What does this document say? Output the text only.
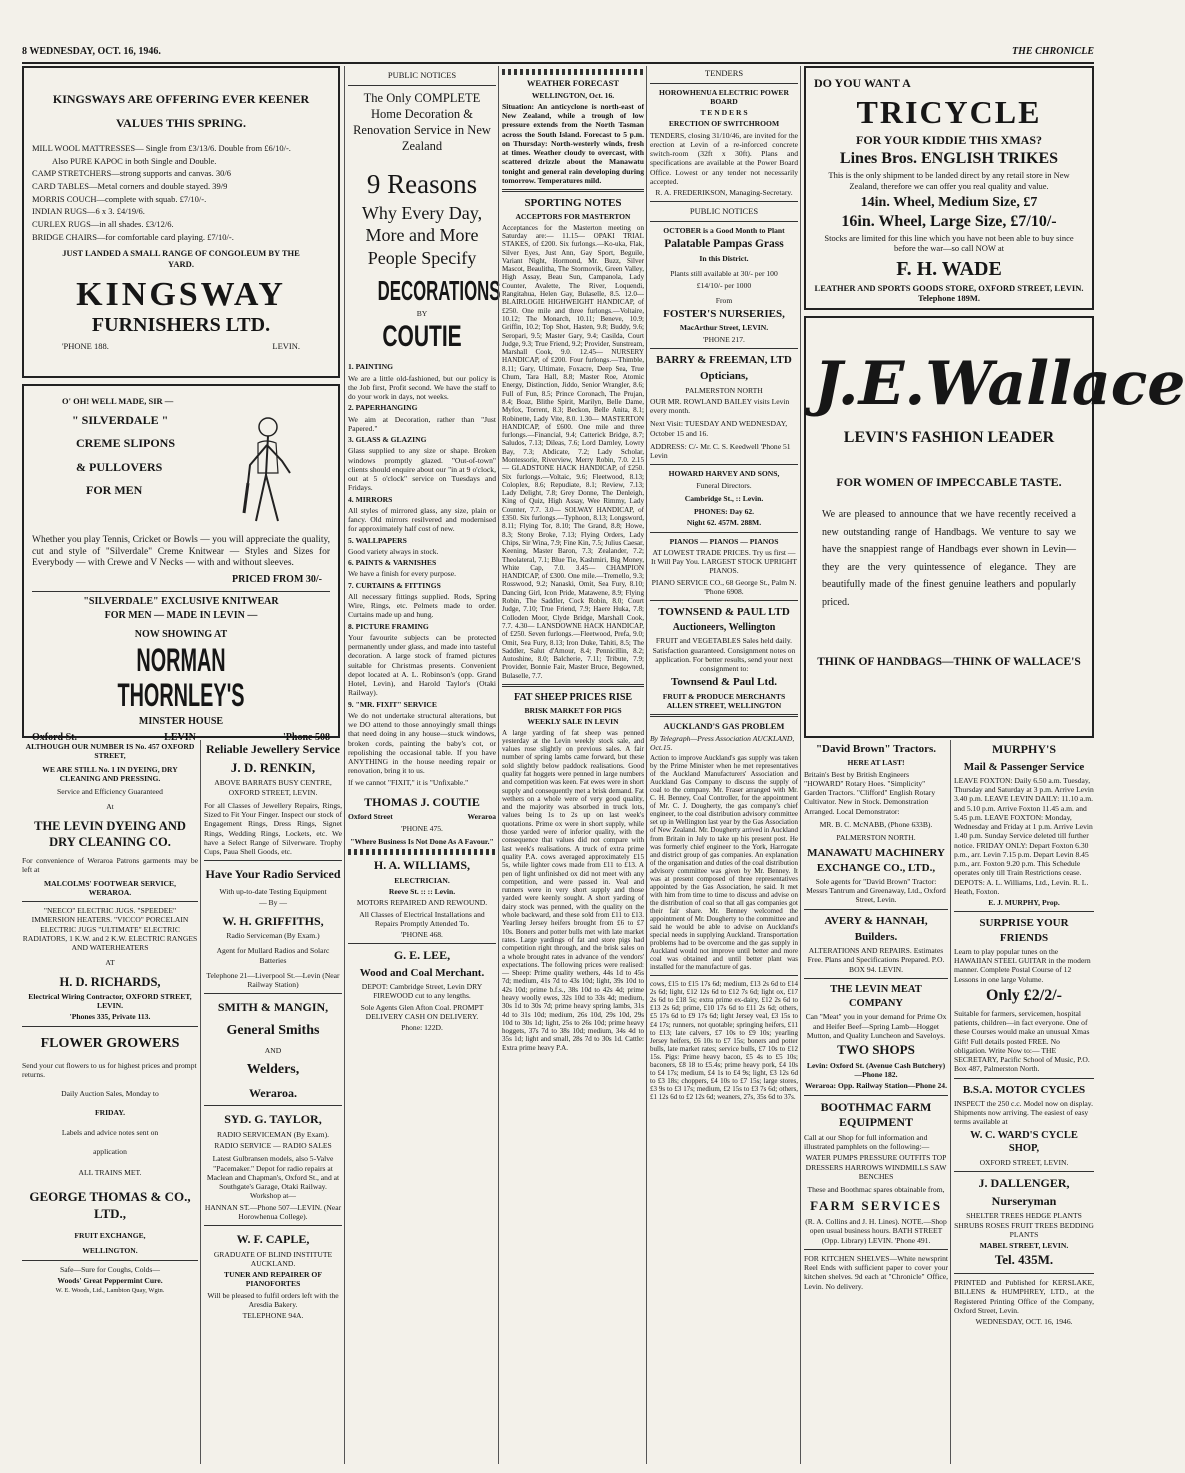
8 WEDNESDAY, OCT. 16, 1946.	THE CHRONICLE
KINGSWAYS ARE OFFERING EVER KEENER
VALUES THIS SPRING.

MILL WOOL MATTRESSES— Single from £3/13/6. Double from £6/10/-.

Also PURE KAPOC in both Single and Double.

CAMP STRETCHERS—strong supports and canvas. 30/6

CARD TABLES—Metal corners and double stayed. 39/9

MORRIS COUCH—complete with squab. £7/10/-.

INDIAN RUGS—6 x 3. £4/19/6.

CURLEX RUGS—in all shades. £3/12/6.

BRIDGE CHAIRS—for comfortable card playing. £7/10/-.

JUST LANDED A SMALL RANGE OF CONGOLEUM BY THE YARD.
KINGSWAY
FURNISHERS LTD.
'PHONE 188.	LEVIN.
O' OH! WELL MADE, SIR —
" SILVERDALE "
CREME SLIPONS
& PULLOVERS
FOR MEN

Whether you play Tennis, Cricket or Bowls — you will appreciate the quality, cut and style of "Silverdale" Creme Knitwear — Styles and Sizes for Everybody — with Crewe and V Necks — with and without sleeves.

PRICED FROM 30/-

"SILVERDALE" EXCLUSIVE KNITWEAR

FOR MEN — MADE IN LEVIN —

NOW SHOWING AT

NORMAN THORNLEY'S

MINSTER HOUSE

Oxford St.	LEVIN	'Phone 508

ALTHOUGH OUR NUMBER IS No. 457 OXFORD STREET,

WE ARE STILL No. 1 IN DYEING, DRY CLEANING AND PRESSING.

Service and Efficiency Guaranteed

At

THE LEVIN DYEING AND DRY CLEANING CO.

For convenience of Weraroa Patrons garments may be left at

MALCOLMS' FOOTWEAR SERVICE, WERAROA.

"NEECO" ELECTRIC JUGS. "SPEEDEE" IMMERSION HEATERS. "VICCO" PORCELAIN ELECTRIC JUGS "ULTIMATE" ELECTRIC RADIATORS, 1 K.W. and 2 K.W. ELECTRIC RANGES AND WATERHEATERS

AT

H. D. RICHARDS,

Electrical Wiring Contractor, OXFORD STREET, LEVIN.

'Phones 335, Private 113.

FLOWER GROWERS

Send your cut flowers to us for highest prices and prompt returns.

Daily Auction Sales, Monday to

FRIDAY.

Labels and advice notes sent on

application

ALL TRAINS MET.

GEORGE THOMAS & CO., LTD.,

FRUIT EXCHANGE,

WELLINGTON.

Safe—Sure for Coughs, Colds—

Woods' Great Peppermint Cure.

W. E. Woods, Ltd., Lambton Quay, Wgtn.

Reliable Jewellery Service

J. D. RENKIN,

ABOVE BARRATS BUSY CENTRE, OXFORD STREET, LEVIN.

For all Classes of Jewellery Repairs, Rings, Sized to Fit Your Finger. Inspect our stock of Engagement Rings, Dress Rings, Signet Rings, Wedding Rings, Lockets, etc. We have a Select Range of Silverware. Trophy Cups, Paua Shell Goods, etc.

Have Your Radio Serviced

With up-to-date Testing Equipment

— By —

W. H. GRIFFITHS,

Radio Serviceman (By Exam.)

Agent for Mullard Radios and Solarc Batteries

Telephone 21—Liverpool St.—Levin (Near Railway Station)

SMITH & MANGIN,

General Smiths

AND

Welders,

Weraroa.

SYD. G. TAYLOR,

RADIO SERVICEMAN (By Exam).

RADIO SERVICE — RADIO SALES

Latest Gulbransen models, also 5-Valve "Pacemaker." Depot for radio repairs at Maclean and Chapman's, Oxford St., and at Southgate's Garage, Otaki Railway. Workshop at—

HANNAN ST.—Phone 507—LEVIN. (Near Horowhenua College).

W. F. CAPLE,

GRADUATE OF BLIND INSTITUTE AUCKLAND.

TUNER AND REPAIRER OF PIANOFORTES

Will be pleased to fulfil orders left with the Aresdia Bakery.

TELEPHONE 94A.

PUBLIC NOTICES

The Only COMPLETE Home Decoration & Renovation Service in New Zealand

9 Reasons

Why Every Day, More and More People Specify

DECORATIONS

BY

COUTIE

1. PAINTING

We are a little old-fashioned, but our policy is the Job first, Profit second. We have the staff to do your work in days, not weeks.

2. PAPERHANGING

We aim at Decoration, rather than "Just Papered."

3. GLASS & GLAZING

Glass supplied to any size or shape. Broken windows promptly glazed. "Out-of-town" clients should enquire about our "in at 9 o'clock, out at 5 o'clock" service on Tuesdays and Fridays.

4. MIRRORS

All styles of mirrored glass, any size, plain or fancy. Old mirrors resilvered and modernised for approximately half cost of new.

5. WALLPAPERS

Good variety always in stock.

6. PAINTS & VARNISHES

We have a finish for every purpose.

7. CURTAINS & FITTINGS

All necessary fittings supplied. Rods, Spring Wire, Rings, etc. Pelmets made to order. Curtains made up and hung.

8. PICTURE FRAMING

Your favourite subjects can be protected permanently under glass, and made into tasteful decoration. A large stock of framed pictures suitable for Christmas presents. Convenient depot located at A. L. Robinson's (opp. Grand Hotel, Levin), and Harold Taylor's (Otaki Railway).

9. "MR. FIXIT" SERVICE

We do not undertake structural alterations, but we DO attend to those annoyingly small things that need doing in any house—stuck windows, broken cords, painting the baby's cot, or repolishing the occasional table. If you have ANYTHING in the house needing repair or renovation, bring it to us.

If we cannot "FIXIT," it is "Unfixable."

THOMAS J. COUTIE

Oxford Street	Weraroa

'PHONE 475.

"Where Business Is Not Done As A Favour."

H. A. WILLIAMS,

ELECTRICIAN.

Reeve St. :: :: Levin.

MOTORS REPAIRED AND REWOUND.

All Classes of Electrical Installations and Repairs Promptly Attended To.

'PHONE 468.

G. E. LEE,

Wood and Coal Merchant.

DEPOT: Cambridge Street, Levin DRY FIREWOOD cut to any lengths.

Sole Agents Glen Afton Coal. PROMPT DELIVERY CASH ON DELIVERY.

Phone: 122D.

WEATHER FORECAST

WELLINGTON, Oct. 16.

Situation: An anticyclone is north-east of New Zealand, while a trough of low pressure extends from the North Tasman across the South Island. Forecast to 5 p.m. on Thursday: North-westerly winds, fresh at times. Weather cloudy to overcast, with scattered drizzle about the Manawatu tonight and general rain developing during tomorrow. Temperatures mild.

SPORTING NOTES

ACCEPTORS FOR MASTERTON

Acceptances for the Masterton meeting on Saturday are:— 11.15— OPAKI TRIAL STAKES, of £200. Six furlongs.—Ko-uka, Flak, Silver Eyes, Just Ann, Gay Sport, Beguile, Variant Night, Hormond, Mr. Buzz, Silver Mascot, Beaulitha, The Stormovik, Green Valley, High Assay, Beau Sun, Campanola, Lady Counter, Avalette, The River, Loquendi, Rangitahua, Helen Gay, Bulaselle, 8.5. 12.0— BLAIRLOGIE HIGHWEIGHT HANDICAP, of £250. One mile and three furlongs.—Voltaire, 10.12; The Monarch, 10.11; Beneve, 10.9; Griffin, 10.2; Top Shot, Hasten, 9.8; Buddy, 9.6; Seropari, 9.5; Master Gary, 9.4; Casilda, Court Judge, 9.3; True Friend, 9.2; Provider, Sunstream, Marshall Cook, 9.0. 12.45— NURSERY HANDICAP, of £200. Four furlongs.—Thimble, 8.11; Gary, Ultimate, Foxacre, Deep Sea, True Chum, Tara Hall, 8.8; Master Roe, Atomic Energy, Distinction, Jiddo, Senior Wrangler, 8.6; Full of Fun, 8.5; Prince Coronach, The Prujan, 8.4; Boaz, Blithe Spirit, Marilyn, Belle Dame, Myfox, Torrent, 8.3; Beckon, Belle Anita, 8.1; Robinette, Lady Vite, 8.0. 1.30— MASTERTON HANDICAP, of £600. One mile and three furlongs.—Financial, 9.4; Catterick Bridge, 8.7; Saludos, 7.13; Dileas, 7.6; Lord Darnley, Lowry Bay, 7.3; Abdicate, 7.2; Lady Scholar, Montessorie, Riverview, Merry Robin, 7.0. 2.15— GLADSTONE HACK HANDICAP, of £250. Six furlongs.—Voltaic, 9.6; Fleetwood, 8.13; Coloplex, 8.6; Repudiate, 8.1; Review, 7.13; Lady Delight, 7.8; Grey Donne, The Denleigh, King of Quiz, High Assay, Wee Rimmy, Lady Counter, 7.7. 3.0— SOLWAY HANDICAP, of £350. Six furlongs.—Typhoon, 8.13; Longsword, 8.11; Flying Tor, 8.10; The Grand, 8.8; Howe, 8.3; Stony Broke, 7.13; Flying Orders, Lady Chips, Sir Wina, 7.9; Fine Kin, 7.5; Julius Caesar, Keening, Master Baron, 7.3; Zealander, 7.2; Theolateral, 7.1; Blue Tie, Kashmiri, Big Money, White Cap, 7.0. 3.45— CHAMPION HANDICAP, of £300. One mile.—Tremello, 9.3; Rosswood, 9.2; Nanaski, Omit, Sea Fury, 8.10; Dancing Girl, Icon Pride, Matawene, 8.9; Flying Robin, The Saddler, Cock Robin, 8.0; Court Judge, 7.10; True Friend, 7.9; Haere Huka, 7.8; Colloden Moor, Clyde Bridge, Marshall Cook, 7.7. 4.30— LANSDOWNE HACK HANDICAP, of £250. Seven furlongs.—Fleetwood, Prefa, 9.0; Omit, Sea Fury, 8.13; Iron Duke, Tahiti, 8.5; The Saddler, Salut d'Amour, 8.4; Pennicillin, 8.2; Autoshine, 8.0; Balcherie, 7.11; Tribute, 7.9; Provider, Bonnie Fair, Master Bruce, Begowned, Bulaselle, 7.7.

FAT SHEEP PRICES RISE

BRISK MARKET FOR PIGS

WEEKLY SALE IN LEVIN

A large yarding of fat sheep was penned yesterday at the Levin weekly stock sale, and values rose slightly on previous sales. A fair number of spring lambs came forward, but these sold slightly below paddock realisations. Good quality fat hoggets were penned in large numbers and competition was keen. Fat ewes were in short supply and consequently met a brisk demand. Fat wethers on a whole were of very good quality, and the majority was absorbed in truck lots, values being 1s to 2s up on last week's quotations. Prime ox were in short supply, while those yarded were of inferior quality, with the consequence that values did not compare with last week's realisations. A truck of extra prime quality P.A. cows averaged approximately £15 5s, while lighter cows made from £11 to £13. A pen of light unfinished ox did not meet with any competition, and were passed in. Veal and runners were in very short supply and those yarded were keenly sought. A short yarding of dairy stock was penned, with the quality on the whole backward, and these sold from £11 to £13. Yearling Jersey heifers brought from £6 to £7 10s. Boners and potter bulls met with late market rates. Large yardings of fat and store pigs had competition right through, and the brisk sales on a whole brought rates in advance of the vendors' expectations. The following prices were realised:— Sheep: Prime quality wethers, 44s 1d to 45s 7d; medium, 41s 7d to 43s 10d; light, 39s 10d to 42s 10d; prime b.f.s., 38s 10d to 42s 4d; prime heavy woolly ewes, 32s 10d to 33s 4d; medium, 30s 1d to 30s 7d; prime heavy spring lambs, 31s 4d to 31s 10d; medium, 26s 10d, 29s 10d, 29s 10d to 30s 1d; light, 25s to 26s 10d; prime heavy hoggets, 37s 7d to 38s 10d; medium, 34s 4d to 35s 1d; light and small, 28s 7d to 30s 1d. Cattle: Extra prime heavy P.A.

TENDERS

HOROWHENUA ELECTRIC POWER BOARD

T E N D E R S

ERECTION OF SWITCHROOM

TENDERS, closing 31/10/46, are invited for the erection at Levin of a re-inforced concrete switch-room (32ft x 30ft). Plans and specifications are available at the Power Board Office. Lowest or any tender not necessarily accepted.

R. A. FREDERIKSON, Managing-Secretary.

PUBLIC NOTICES

OCTOBER is a Good Month to Plant

Palatable Pampas Grass

In this District.

Plants still available at 30/- per 100

£14/10/- per 1000

From

FOSTER'S NURSERIES,

MacArthur Street, LEVIN.

'PHONE 217.

BARRY & FREEMAN, LTD

Opticians,

PALMERSTON NORTH

OUR MR. ROWLAND BAILEY visits Levin every month.

Next Visit: TUESDAY AND WEDNESDAY, October 15 and 16.

ADDRESS: C/- Mr. C. S. Keedwell 'Phone 51 Levin

HOWARD HARVEY AND SONS,

Funeral Directors.

Cambridge St., :: Levin.

PHONES: Day 62.

Night 62. 457M. 288M.

PIANOS — PIANOS — PIANOS

AT LOWEST TRADE PRICES. Try us first — It Will Pay You. LARGEST STOCK UPRIGHT PIANOS.

PIANO SERVICE CO., 68 George St., Palm N. 'Phone 6908.

TOWNSEND & PAUL LTD

Auctioneers, Wellington

FRUIT and VEGETABLES Sales held daily. Satisfaction guaranteed. Consignment notes on application. For better results, send your next consignment to:

Townsend & Paul Ltd.

FRUIT & PRODUCE MERCHANTS ALLEN STREET, WELLINGTON

AUCKLAND'S GAS PROBLEM

By Telegraph—Press Association AUCKLAND, Oct.15.

Action to improve Auckland's gas supply was taken by the Prime Minister when he met representatives of the Auckland Manufacturers' Association and Auckland Gas Company to discuss the supply of coal to the company. Mr. Fraser arranged with Mr. C. H. Benney, Coal Controller, for the appointment of Mr. C. J. Dougherty, the gas company's chief engineer, to the coal distribution advisory committee set up in Wellington last year by the Gas Association of New Zealand. Mr. Dougherty arrived in Auckland from Britain in July to take up his present post. He was formerly chief engineer to the York, Harrogate and district group of gas companies. An explanation of the organisation and duties of the coal distribution advisory committee was given by Mr. Benney. It was at present composed of three representatives appointed by the Gas Association, he said. It met with him from time to time to discuss and advise on the distribution of coal so that all gas companies got their fair share. Mr. Benney welcomed the appointment of Mr. Dougherty to the committee and said he would be able to advise on Auckland's special needs in supplying Auckland. Transportation problems had to be overcome and the gas supply in Auckland would not improve until better and more coal was obtained and until better plant was installed for the manufacture of gas.

cows, £15 to £15 17s 6d; medium, £13 2s 6d to £14 2s 6d; light, £12 12s 6d to £12 7s 6d; light ox, £17 2s 6d to £18 5s; extra prime ex-dairy, £12 2s 6d to £13 2s 6d; prime, £10 17s 6d to £11 2s 6d; others, £5 17s 6d to £9 17s 6d; light Jersey veal, £3 15s to £4 17s; runners, not quotable; springing heifers, £11 to £13; late calvers, £7 10s to £9 10s; yearling Jersey heifers, £6 10s to £7 15s; boners and potter bulls, late market rates; service bulls, £7 10s to £12 15s. Pigs: Prime heavy bacon, £5 4s to £5 10s; baconers, £8 18 to £5.4s; prime heavy pork, £4 10s to £4 17s; medium, £4 1s to £4 9s; light, £3 12s 6d to £3 18s; choppers, £4 10s to £7 15s; large stores, £3 9s to £3 17s; medium, £2 15s to £3 7s 6d; others, £1 12s 6d to £2 12s 6d; weaners, 27s, 35s 6d to 37s.

DO YOU WANT A

TRICYCLE

FOR YOUR KIDDIE THIS XMAS?

Lines Bros. ENGLISH TRIKES

This is the only shipment to be landed direct by any retail store in New Zealand, therefore we can offer you real quality and value.

14in. Wheel, Medium Size, £7

16in. Wheel, Large Size, £7/10/-

Stocks are limited for this line which you have not been able to buy since before the war—so call NOW at

F. H. WADE

LEATHER AND SPORTS GOODS STORE, OXFORD STREET, LEVIN. Telephone 189M.

J.E.Wallace

LEVIN'S FASHION LEADER

FOR WOMEN OF IMPECCABLE TASTE.

We are pleased to announce that we have recently received a new outstanding range of Handbags. We venture to say we have the snappiest range of Handbags ever shown in Levin—they are the very quintessence of elegance. They are beautifully made of the finest genuine leathers and popularly priced.

THINK OF HANDBAGS—THINK OF WALLACE'S

"David Brown" Tractors.

HERE AT LAST!

Britain's Best by British Engineers "HOWARD" Rotary Hoes. "Simplicity" Garden Tractors. "Clifford" English Rotary Cultivator. New in Stock. Demonstration Arranged. Local Demonstrator:

MR. B. C. McNABB, (Phone 633B).

PALMERSTON NORTH.

MANAWATU MACHINERY EXCHANGE CO., LTD.,

Sole agents for "David Brown" Tractor: Messrs Tantrum and Greenaway, Ltd., Oxford Street, Levin.

AVERY & HANNAH,

Builders.

ALTERATIONS AND REPAIRS. Estimates Free. Plans and Specifications Prepared. P.O. BOX 94. LEVIN.

THE LEVIN MEAT COMPANY

Can "Meat" you in your demand for Prime Ox and Heifer Beef—Spring Lamb—Hogget Mutton, and Quality Luncheon and Saveloys.

TWO SHOPS

Levin: Oxford St. (Avenue Cash Butchery)—Phone 182.

Weraroa: Opp. Railway Station—Phone 24.

BOOTHMAC FARM EQUIPMENT

Call at our Shop for full information and illustrated pamphlets on the following:—

WATER PUMPS PRESSURE OUTFITS TOP DRESSERS HARROWS WINDMILLS SAW BENCHES

These and Boothmac spares obtainable from,

FARM SERVICES

(R. A. Collins and J. H. Lines). NOTE.—Shop open usual business hours. BATH STREET (Opp. Library) LEVIN. 'Phone 491.

FOR KITCHEN SHELVES—White newsprint Reel Ends with sufficient paper to cover your kitchen shelves. 9d each at "Chronicle" Office, Levin. No delivery.

MURPHY'S

Mail & Passenger Service

LEAVE FOXTON: Daily 6.50 a.m. Tuesday, Thursday and Saturday at 3 p.m. Arrive Levin 3.40 p.m. LEAVE LEVIN DAILY: 11.10 a.m. and 5.10 p.m. Arrive Foxton 11.45 a.m. and 5.45 p.m. LEAVE FOXTON: Monday, Wednesday and Friday at 1 p.m. Arrive Levin 1.40 p.m. Sunday Service deleted till further notice. FRIDAY ONLY: Depart Foxton 6.30 p.m., arr. Levin 7.15 p.m. Depart Levin 8.45 p.m., arr. Foxton 9.20 p.m. This Schedule operates only till Train Restrictions cease. DEPOTS: A. L. Williams, Ltd., Levin. R. L. Heath, Foxton.

E. J. MURPHY, Prop.

SURPRISE YOUR FRIENDS

Learn to play popular tunes on the HAWAIIAN STEEL GUITAR in the modern manner. Complete Postal Course of 12 Lessons in one large Volume.

Only £2/2/-

Suitable for farmers, servicemen, hospital patients, children—in fact everyone. One of these Courses would make an unusual Xmas Gift! Full details posted FREE. No obligation. Write Now to:— THE SECRETARY, Pacific School of Music, P.O. Box 487, Palmerston North.

B.S.A. MOTOR CYCLES

INSPECT the 250 c.c. Model now on display. Shipments now arriving. The easiest of easy terms available at

W. C. WARD'S CYCLE SHOP,

OXFORD STREET, LEVIN.

J. DALLENGER,

Nurseryman

SHELTER TREES HEDGE PLANTS SHRUBS ROSES FRUIT TREES BEDDING PLANTS

MABEL STREET, LEVIN.

Tel. 435M.

PRINTED and Published for KERSLAKE, BILLENS & HUMPHREY, LTD., at the Registered Printing Office of the Company, Oxford Street, Levin.

WEDNESDAY, OCT. 16, 1946.
